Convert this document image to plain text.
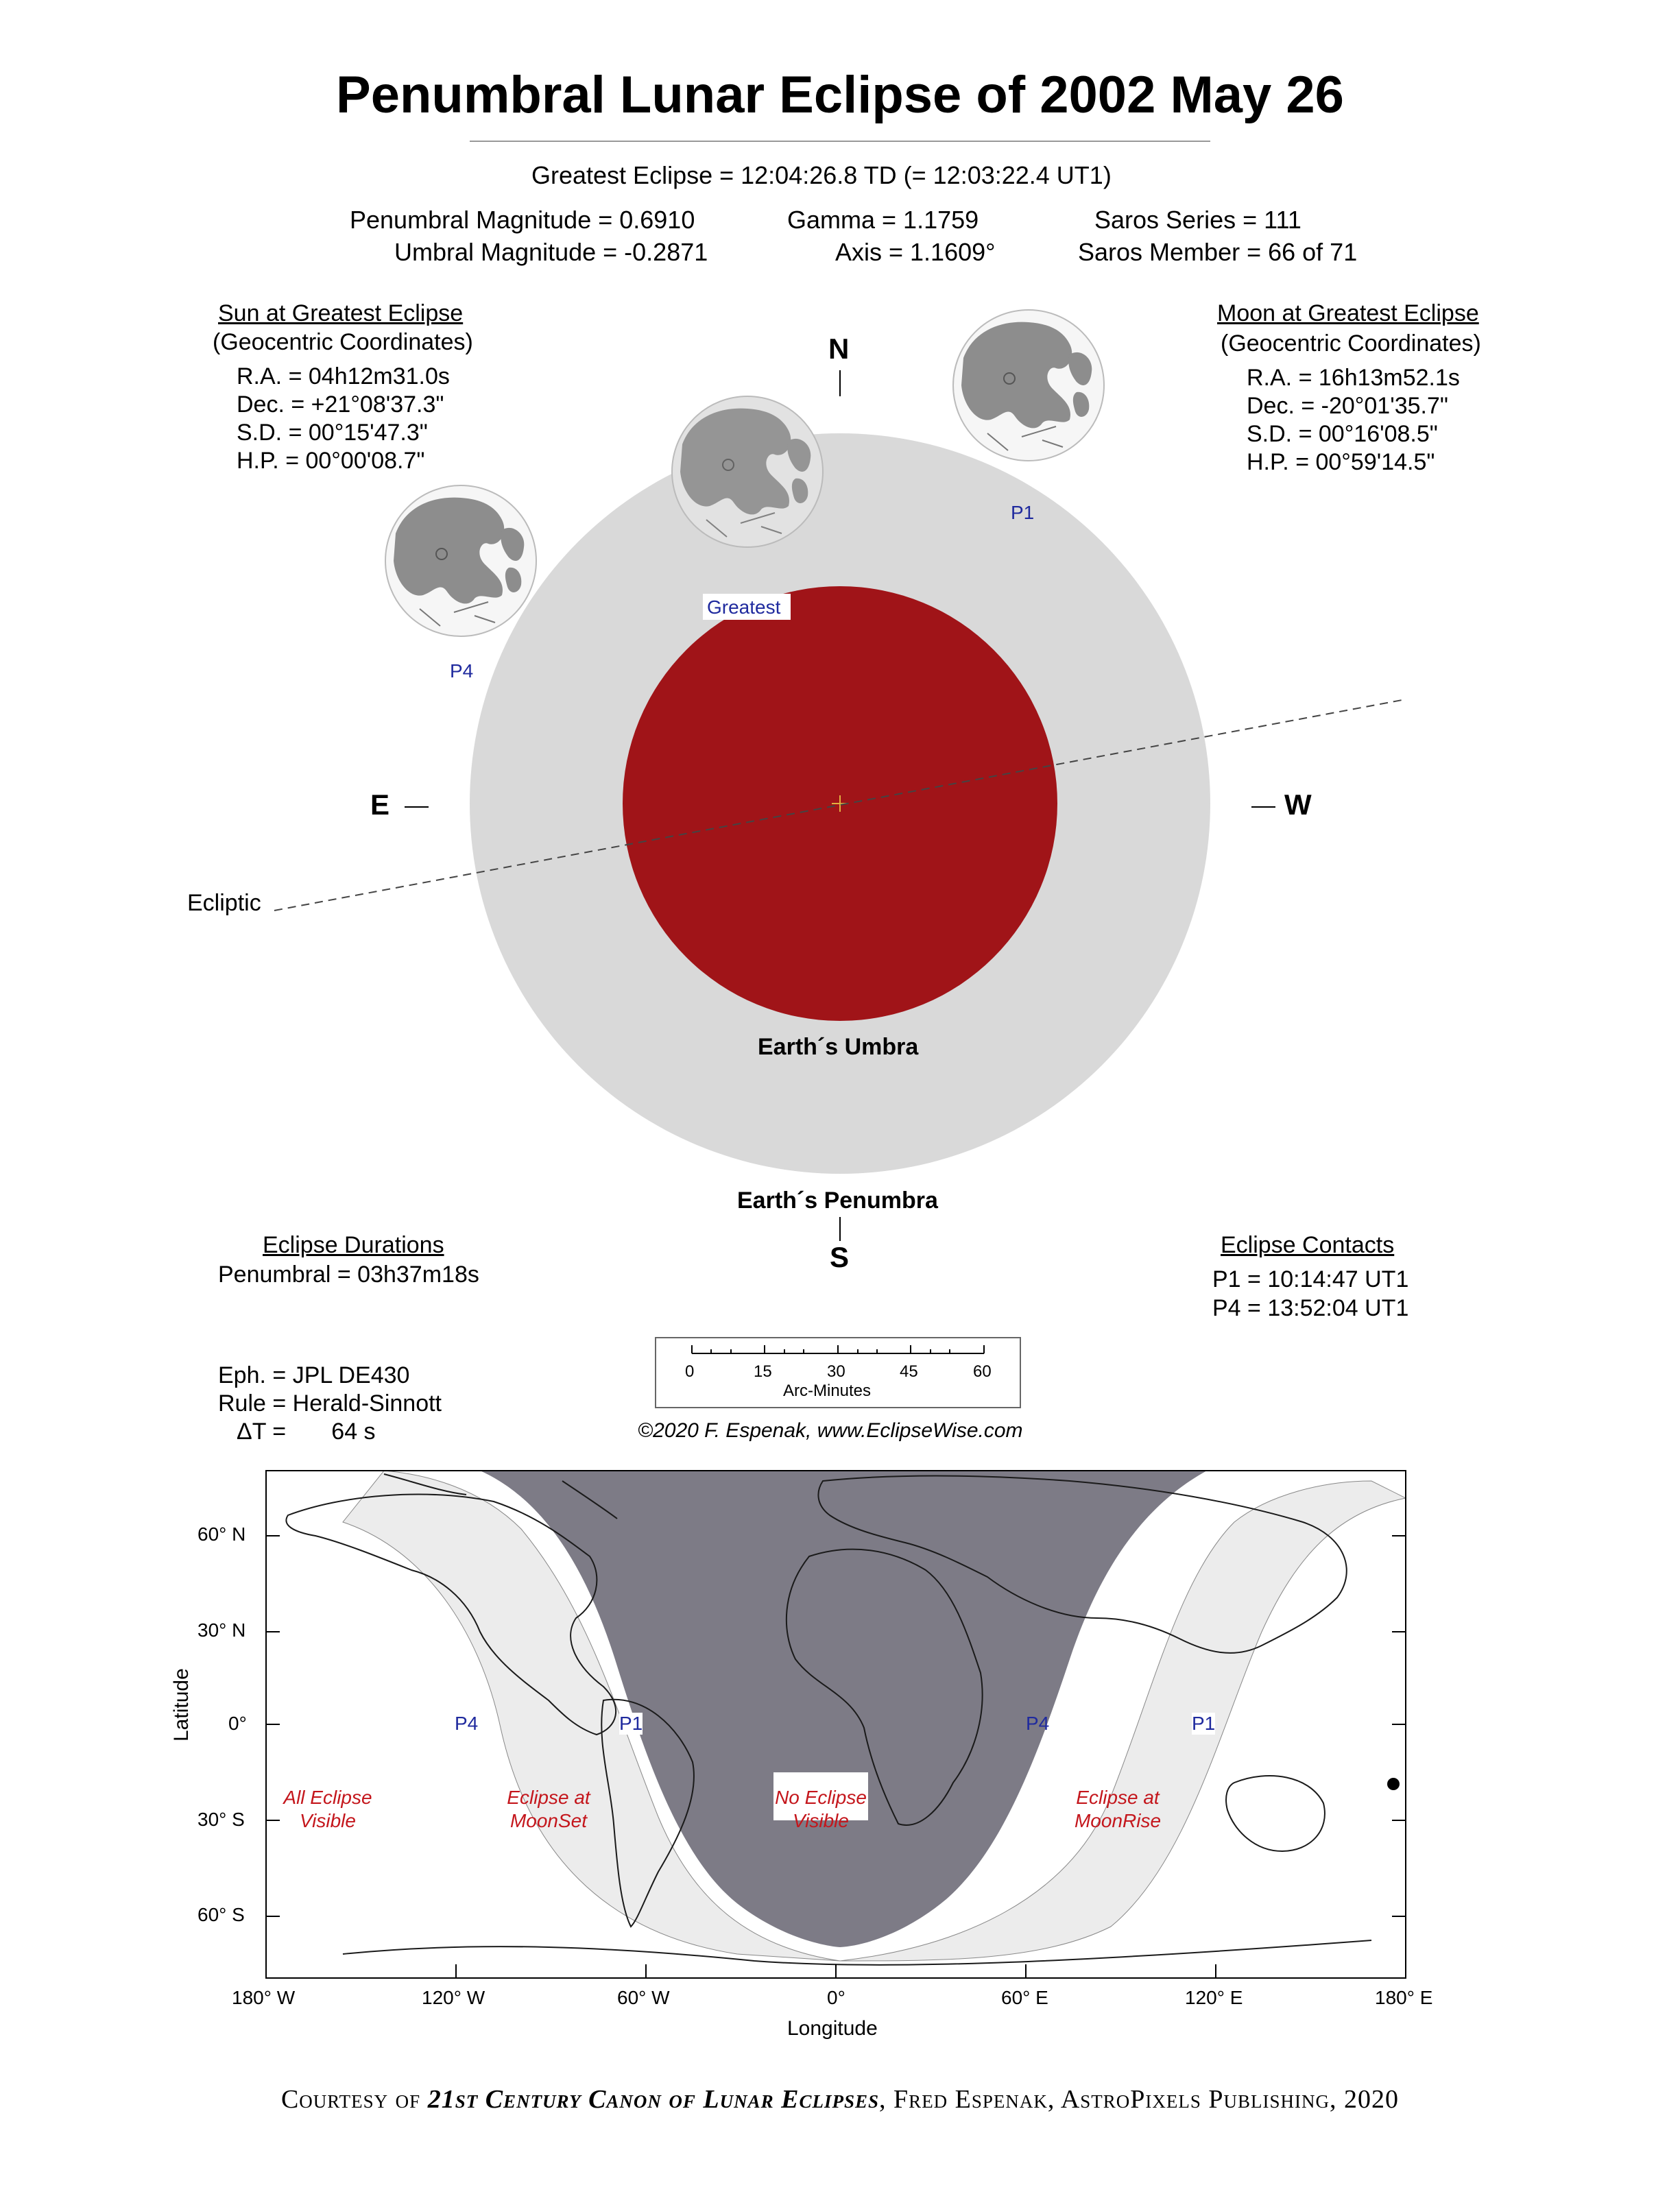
Penumbral Lunar Eclipse of 2002 May 26
Greatest Eclipse = 12:04:26.8 TD (= 12:03:22.4 UT1)
Penumbral Magnitude = 0.6910
Umbral Magnitude = -0.2871
Gamma = 1.1759
Axis = 1.1609°
Saros Series = 111
Saros Member = 66 of 71
Sun at Greatest Eclipse
(Geocentric Coordinates)
R.A. = 04h12m31.0s
Dec. = +21°08'37.3"
S.D. = 00°15'47.3"
H.P. = 00°00'08.7"
Moon at Greatest Eclipse
(Geocentric Coordinates)
R.A. = 16h13m52.1s
Dec. = -20°01'35.7"
S.D. = 00°16'08.5"
H.P. = 00°59'14.5"
N
S
E	W
P1
P4
Greatest
Ecliptic
Earth´s Umbra
Earth´s Penumbra
Eclipse Durations
Penumbral = 03h37m18s
Eclipse Contacts
P1 = 10:14:47 UT1
P4 = 13:52:04 UT1
Eph. = JPL DE430
Rule = Herald-Sinnott
ΔT =       64 s
0	15	30	45	60
Arc-Minutes
©2020 F. Espenak, www.EclipseWise.com
60° N
30° N
0°
30° S
60° S
Latitude
180° W	120° W	60° W	0°	60° E	120° E	180° E
Longitude
All Eclipse
Visible
Eclipse at
MoonSet
No Eclipse
Visible
Eclipse at
MoonRise
P4	P1	P4	P1
Courtesy of 21st Century Canon of Lunar Eclipses, Fred Espenak, AstroPixels Publishing, 2020
